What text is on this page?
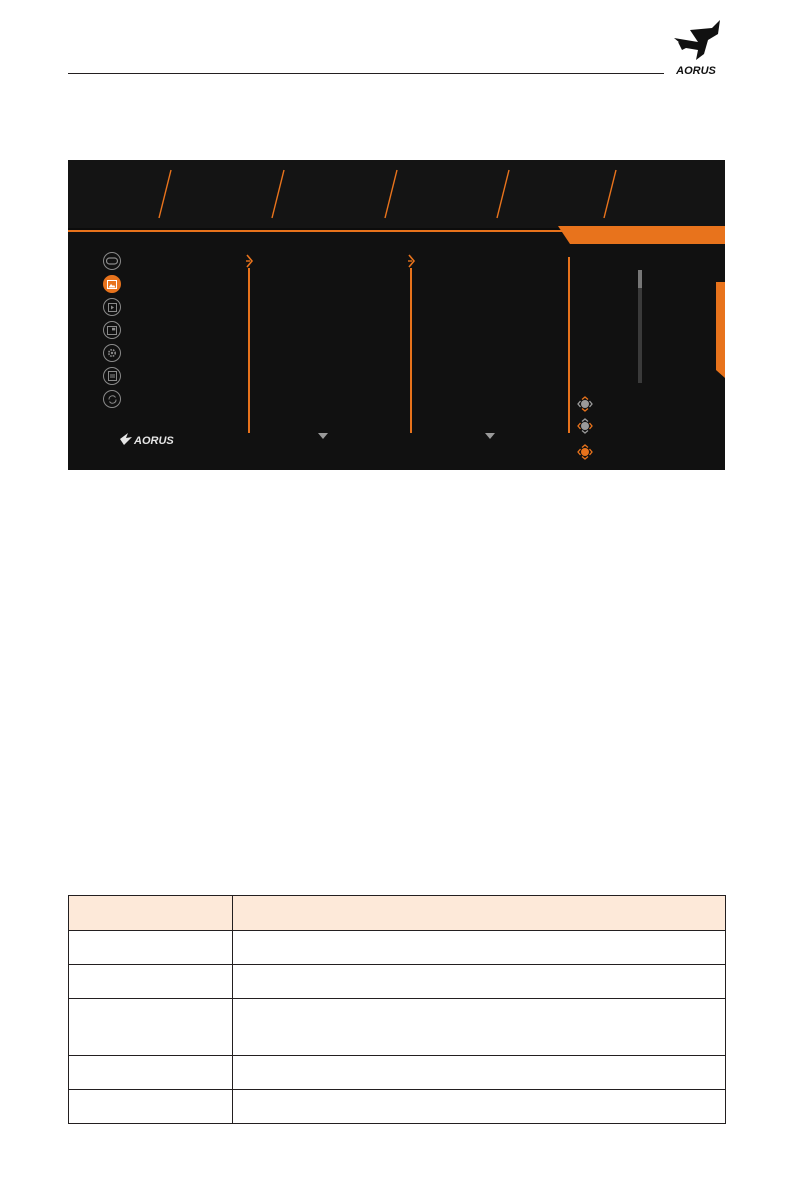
AORUS
AORUS
